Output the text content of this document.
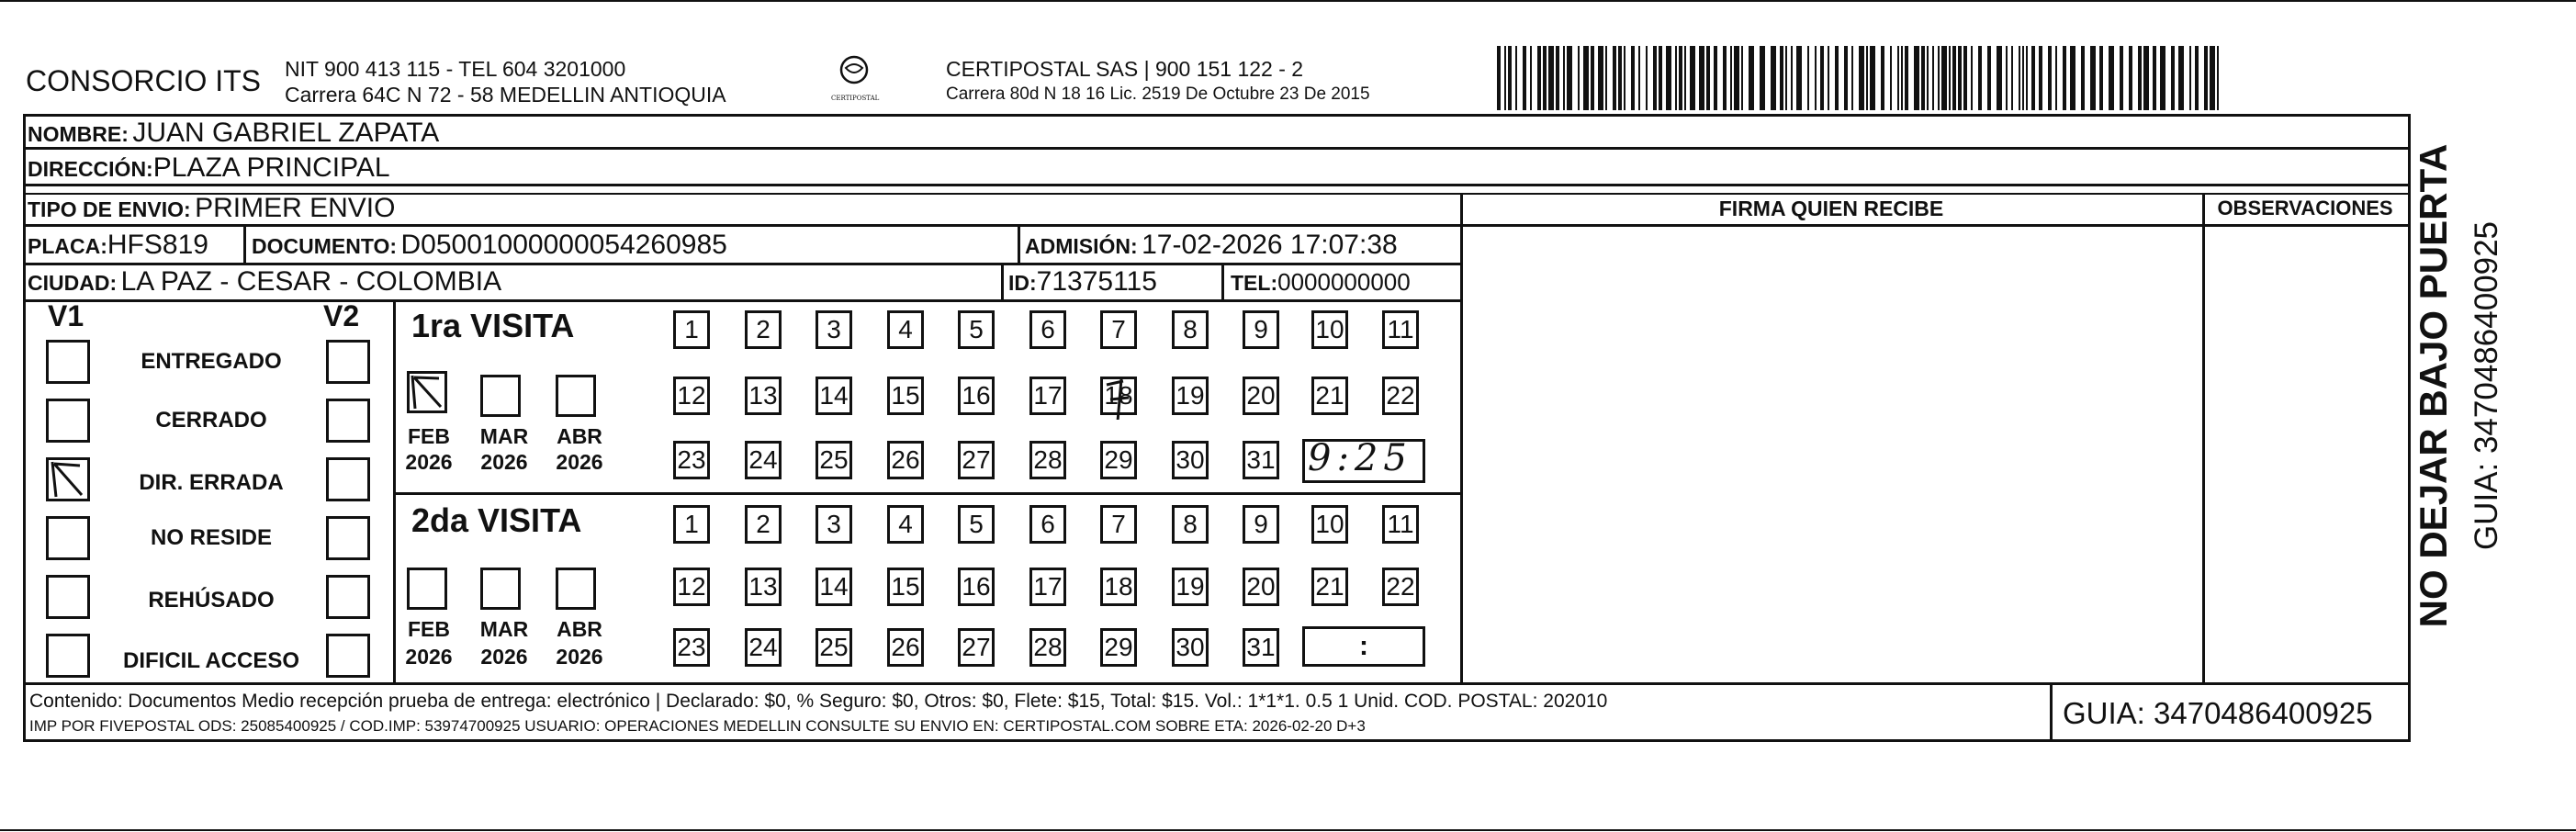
CONSORCIO ITS NIT 900 413 115 - TEL 604 3201000
Carrera 64C N 72 - 58 MEDELLIN ANTIOQUIA	CERTIPOSTAL
CERTIPOSTAL SAS | 900 151 122 - 2
Carrera 80d N 18 16 Lic. 2519 De Octubre 23 De 2015
NOMBRE: JUAN GABRIEL ZAPATA
DIRECCIÓN:PLAZA PRINCIPAL
TIPO DE ENVIO: PRIMER ENVIO
PLACA:HFS819 DOCUMENTO: D05001000000054260985	ADMISIÓN: 17-02-2026 17:07:38
CIUDAD: LA PAZ - CESAR - COLOMBIA	ID:71375115	TEL:0000000000
FIRMA QUIEN RECIBE	OBSERVACIONES
V1	V2
ENTREGADO
CERRADO
DIR. ERRADA
NO RESIDE
REHÚSADO
DIFICIL ACCESO
1ra VISITA
FEB	MAR	ABR
2026	2026	2026
2da VISITA
FEB	MAR	ABR
2026	2026	2026
1 2 3 4 5 6 7 8 9 10 11
12 13 14 15 16 17 18 19 20 21 22
23 24 25 26 27 28 29 30 31
1 2 3 4 5 6 7 8 9 10 11
12 13 14 15 16 17 18 19 20 21 22
23 24 25 26 27 28 29 30 31
9:25
:
Contenido: Documentos Medio recepción prueba de entrega: electrónico | Declarado: $0, % Seguro: $0, Otros: $0, Flete: $15, Total: $15. Vol.: 1*1*1. 0.5 1 Unid. COD. POSTAL: 202010
IMP POR FIVEPOSTAL ODS: 25085400925 / COD.IMP: 53974700925 USUARIO: OPERACIONES MEDELLIN CONSULTE SU ENVIO EN: CERTIPOSTAL.COM SOBRE ETA: 2026-02-20 D+3	GUIA: 3470486400925
NO DEJAR BAJO PUERTA GUIA: 3470486400925
